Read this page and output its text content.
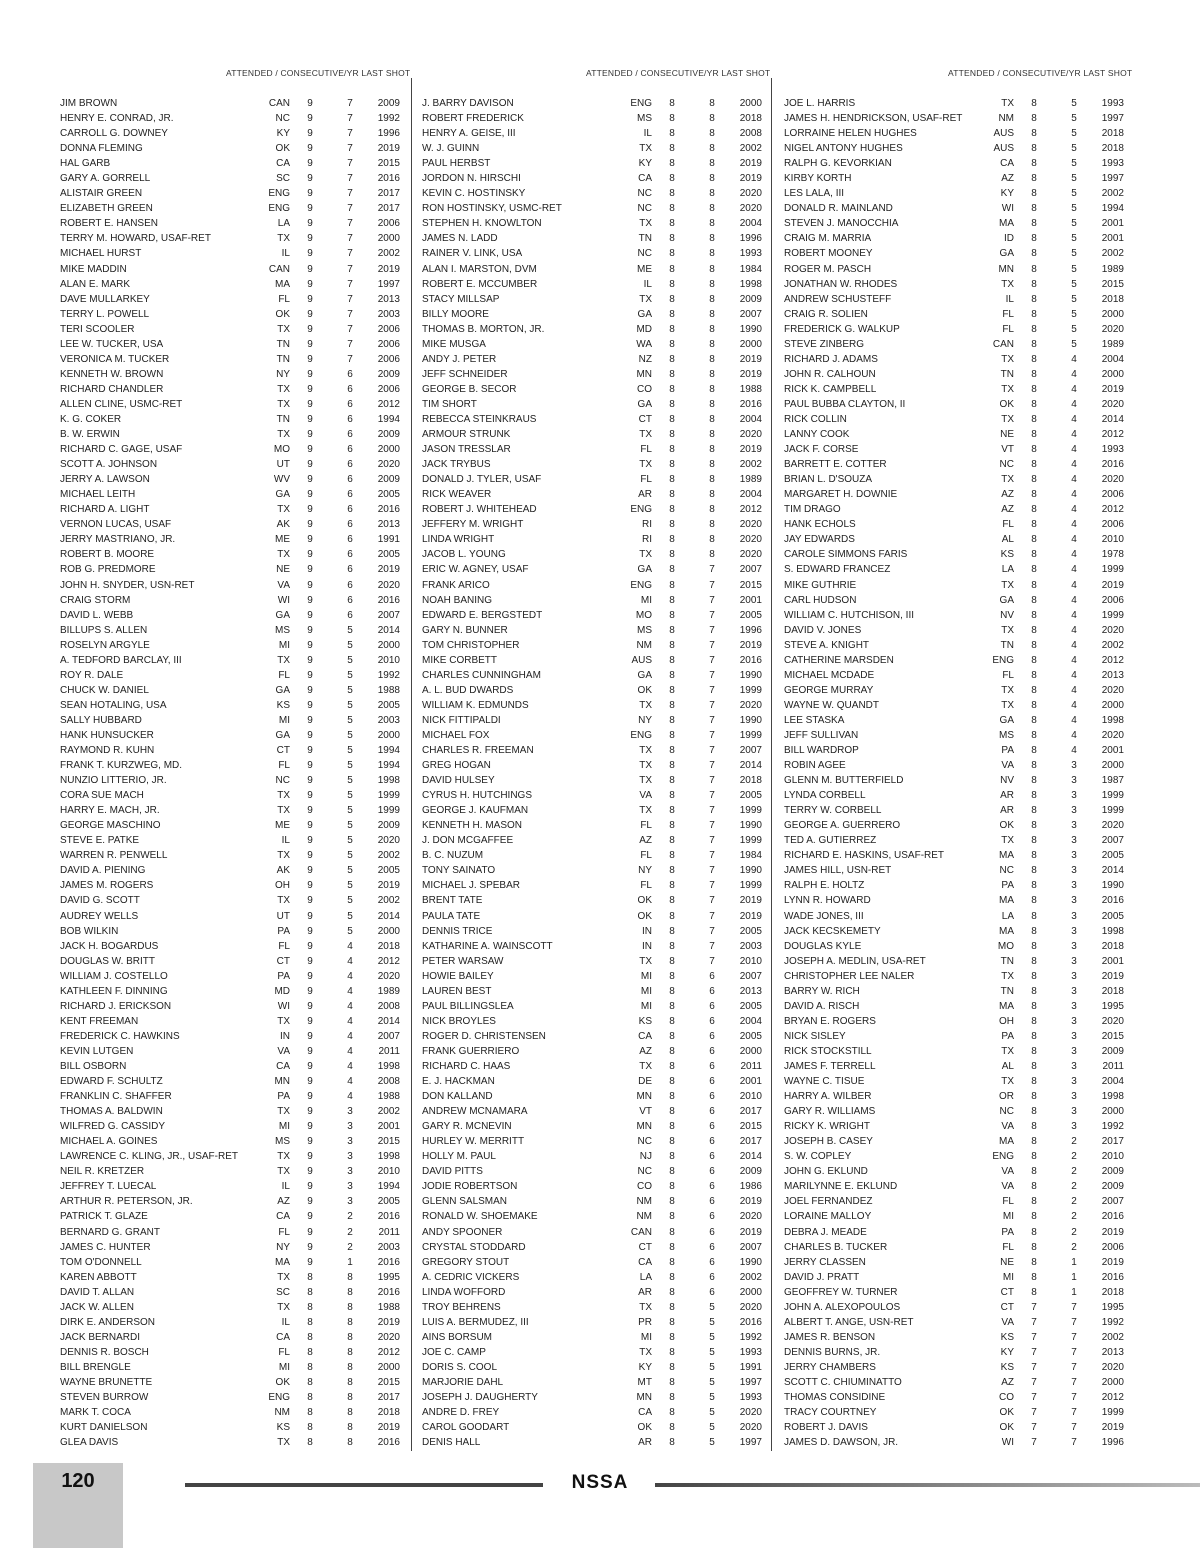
ATTENDED / CONSECUTIVE/YR LAST SHOT
JIM BROWN	CAN	9	7	2009
HENRY E. CONRAD, JR.	NC	9	7	1992
CARROLL G. DOWNEY	KY	9	7	1996
DONNA FLEMING	OK	9	7	2019
HAL GARB	CA	9	7	2015
GARY A. GORRELL	SC	9	7	2016
ALISTAIR GREEN	ENG	9	7	2017
ELIZABETH GREEN	ENG	9	7	2017
ROBERT E. HANSEN	LA	9	7	2006
TERRY M. HOWARD, USAF-RET	TX	9	7	2000
MICHAEL HURST	IL	9	7	2002
MIKE MADDIN	CAN	9	7	2019
ALAN E. MARK	MA	9	7	1997
DAVE MULLARKEY	FL	9	7	2013
TERRY L. POWELL	OK	9	7	2003
TERI SCOOLER	TX	9	7	2006
LEE W. TUCKER, USA	TN	9	7	2006
VERONICA M. TUCKER	TN	9	7	2006
KENNETH W. BROWN	NY	9	6	2009
RICHARD CHANDLER	TX	9	6	2006
ALLEN CLINE, USMC-RET	TX	9	6	2012
K. G. COKER	TN	9	6	1994
B. W. ERWIN	TX	9	6	2009
RICHARD C. GAGE, USAF	MO	9	6	2000
SCOTT A. JOHNSON	UT	9	6	2020
JERRY A. LAWSON	WV	9	6	2009
MICHAEL LEITH	GA	9	6	2005
RICHARD A. LIGHT	TX	9	6	2016
VERNON LUCAS, USAF	AK	9	6	2013
JERRY MASTRIANO, JR.	ME	9	6	1991
ROBERT B. MOORE	TX	9	6	2005
ROB G. PREDMORE	NE	9	6	2019
JOHN H. SNYDER, USN-RET	VA	9	6	2020
CRAIG STORM	WI	9	6	2016
DAVID L. WEBB	GA	9	6	2007
BILLUPS S. ALLEN	MS	9	5	2014
ROSELYN ARGYLE	MI	9	5	2000
A. TEDFORD BARCLAY, III	TX	9	5	2010
ROY R. DALE	FL	9	5	1992
CHUCK W. DANIEL	GA	9	5	1988
SEAN HOTALING, USA	KS	9	5	2005
SALLY HUBBARD	MI	9	5	2003
HANK HUNSUCKER	GA	9	5	2000
RAYMOND R. KUHN	CT	9	5	1994
FRANK T. KURZWEG, MD.	FL	9	5	1994
NUNZIO LITTERIO, JR.	NC	9	5	1998
CORA SUE MACH	TX	9	5	1999
HARRY E. MACH, JR.	TX	9	5	1999
GEORGE MASCHINO	ME	9	5	2009
STEVE E. PATKE	IL	9	5	2020
WARREN R. PENWELL	TX	9	5	2002
DAVID A. PIENING	AK	9	5	2005
JAMES M. ROGERS	OH	9	5	2019
DAVID G. SCOTT	TX	9	5	2002
AUDREY WELLS	UT	9	5	2014
BOB WILKIN	PA	9	5	2000
JACK H. BOGARDUS	FL	9	4	2018
DOUGLAS W. BRITT	CT	9	4	2012
WILLIAM J. COSTELLO	PA	9	4	2020
KATHLEEN F. DINNING	MD	9	4	1989
RICHARD J. ERICKSON	WI	9	4	2008
KENT FREEMAN	TX	9	4	2014
FREDERICK C. HAWKINS	IN	9	4	2007
KEVIN LUTGEN	VA	9	4	2011
BILL OSBORN	CA	9	4	1998
EDWARD F. SCHULTZ	MN	9	4	2008
FRANKLIN C. SHAFFER	PA	9	4	1988
THOMAS A. BALDWIN	TX	9	3	2002
WILFRED G. CASSIDY	MI	9	3	2001
MICHAEL A. GOINES	MS	9	3	2015
LAWRENCE C. KLING, JR., USAF-RET	TX	9	3	1998
NEIL R. KRETZER	TX	9	3	2010
JEFFREY T. LUECAL	IL	9	3	1994
ARTHUR R. PETERSON, JR.	AZ	9	3	2005
PATRICK T. GLAZE	CA	9	2	2016
BERNARD G. GRANT	FL	9	2	2011
JAMES C. HUNTER	NY	9	2	2003
TOM O'DONNELL	MA	9	1	2016
KAREN ABBOTT	TX	8	8	1995
DAVID T. ALLAN	SC	8	8	2016
JACK W. ALLEN	TX	8	8	1988
DIRK E. ANDERSON	IL	8	8	2019
JACK BERNARDI	CA	8	8	2020
DENNIS R. BOSCH	FL	8	8	2012
BILL BRENGLE	MI	8	8	2000
WAYNE BRUNETTE	OK	8	8	2015
STEVEN BURROW	ENG	8	8	2017
MARK T. COCA	NM	8	8	2018
KURT DANIELSON	KS	8	8	2019
GLEA DAVIS	TX	8	8	2016
ATTENDED / CONSECUTIVE/YR LAST SHOT
J. BARRY DAVISON	ENG	8	8	2000
ROBERT FREDERICK	MS	8	8	2018
HENRY A. GEISE, III	IL	8	8	2008
W. J. GUINN	TX	8	8	2002
PAUL HERBST	KY	8	8	2019
JORDON N. HIRSCHI	CA	8	8	2019
KEVIN C. HOSTINSKY	NC	8	8	2020
RON HOSTINSKY, USMC-RET	NC	8	8	2020
STEPHEN H. KNOWLTON	TX	8	8	2004
JAMES N. LADD	TN	8	8	1996
RAINER V. LINK, USA	NC	8	8	1993
ALAN I. MARSTON, DVM	ME	8	8	1984
ROBERT E. MCCUMBER	IL	8	8	1998
STACY MILLSAP	TX	8	8	2009
BILLY MOORE	GA	8	8	2007
THOMAS B. MORTON, JR.	MD	8	8	1990
MIKE MUSGA	WA	8	8	2000
ANDY J. PETER	NZ	8	8	2019
JEFF SCHNEIDER	MN	8	8	2019
GEORGE B. SECOR	CO	8	8	1988
TIM SHORT	GA	8	8	2016
REBECCA STEINKRAUS	CT	8	8	2004
ARMOUR STRUNK	TX	8	8	2020
JASON TRESSLAR	FL	8	8	2019
JACK TRYBUS	TX	8	8	2002
DONALD J. TYLER, USAF	FL	8	8	1989
RICK WEAVER	AR	8	8	2004
ROBERT J. WHITEHEAD	ENG	8	8	2012
JEFFERY M. WRIGHT	RI	8	8	2020
LINDA WRIGHT	RI	8	8	2020
JACOB L. YOUNG	TX	8	8	2020
ERIC W. AGNEY, USAF	GA	8	7	2007
FRANK ARICO	ENG	8	7	2015
NOAH BANING	MI	8	7	2001
EDWARD E. BERGSTEDT	MO	8	7	2005
GARY N. BUNNER	MS	8	7	1996
TOM CHRISTOPHER	NM	8	7	2019
MIKE CORBETT	AUS	8	7	2016
CHARLES CUNNINGHAM	GA	8	7	1990
A. L. BUD DWARDS	OK	8	7	1999
WILLIAM K. EDMUNDS	TX	8	7	2020
NICK FITTIPALDI	NY	8	7	1990
MICHAEL FOX	ENG	8	7	1999
CHARLES R. FREEMAN	TX	8	7	2007
GREG HOGAN	TX	8	7	2014
DAVID HULSEY	TX	8	7	2018
CYRUS H. HUTCHINGS	VA	8	7	2005
GEORGE J. KAUFMAN	TX	8	7	1999
KENNETH H. MASON	FL	8	7	1990
J. DON MCGAFFEE	AZ	8	7	1999
B. C. NUZUM	FL	8	7	1984
TONY SAINATO	NY	8	7	1990
MICHAEL J. SPEBAR	FL	8	7	1999
BRENT TATE	OK	8	7	2019
PAULA TATE	OK	8	7	2019
DENNIS TRICE	IN	8	7	2005
KATHARINE A. WAINSCOTT	IN	8	7	2003
PETER WARSAW	TX	8	7	2010
HOWIE BAILEY	MI	8	6	2007
LAUREN BEST	MI	8	6	2013
PAUL BILLINGSLEA	MI	8	6	2005
NICK BROYLES	KS	8	6	2004
ROGER D. CHRISTENSEN	CA	8	6	2005
FRANK GUERRIERO	AZ	8	6	2000
RICHARD C. HAAS	TX	8	6	2011
E. J. HACKMAN	DE	8	6	2001
DON KALLAND	MN	8	6	2010
ANDREW MCNAMARA	VT	8	6	2017
GARY R. MCNEVIN	MN	8	6	2015
HURLEY W. MERRITT	NC	8	6	2017
HOLLY M. PAUL	NJ	8	6	2014
DAVID PITTS	NC	8	6	2009
JODIE ROBERTSON	CO	8	6	1986
GLENN SALSMAN	NM	8	6	2019
RONALD W. SHOEMAKE	NM	8	6	2020
ANDY SPOONER	CAN	8	6	2019
CRYSTAL STODDARD	CT	8	6	2007
GREGORY STOUT	CA	8	6	1990
A. CEDRIC VICKERS	LA	8	6	2002
LINDA WOFFORD	AR	8	6	2000
TROY BEHRENS	TX	8	5	2020
LUIS A. BERMUDEZ, III	PR	8	5	2016
AINS BORSUM	MI	8	5	1992
JOE C. CAMP	TX	8	5	1993
DORIS S. COOL	KY	8	5	1991
MARJORIE DAHL	MT	8	5	1997
JOSEPH J. DAUGHERTY	MN	8	5	1993
ANDRE D. FREY	CA	8	5	2020
CAROL GOODART	OK	8	5	2020
DENIS HALL	AR	8	5	1997
ATTENDED / CONSECUTIVE/YR LAST SHOT
JOE L. HARRIS	TX	8	5	1993
JAMES H. HENDRICKSON, USAF-RET	NM	8	5	1997
LORRAINE HELEN HUGHES	AUS	8	5	2018
NIGEL ANTONY HUGHES	AUS	8	5	2018
RALPH G. KEVORKIAN	CA	8	5	1993
KIRBY KORTH	AZ	8	5	1997
LES LALA, III	KY	8	5	2002
DONALD R. MAINLAND	WI	8	5	1994
STEVEN J. MANOCCHIA	MA	8	5	2001
CRAIG M. MARRIA	ID	8	5	2001
ROBERT MOONEY	GA	8	5	2002
ROGER M. PASCH	MN	8	5	1989
JONATHAN W. RHODES	TX	8	5	2015
ANDREW SCHUSTEFF	IL	8	5	2018
CRAIG R. SOLIEN	FL	8	5	2000
FREDERICK G. WALKUP	FL	8	5	2020
STEVE ZINBERG	CAN	8	5	1989
RICHARD J. ADAMS	TX	8	4	2004
JOHN R. CALHOUN	TN	8	4	2000
RICK K. CAMPBELL	TX	8	4	2019
PAUL BUBBA CLAYTON, II	OK	8	4	2020
RICK COLLIN	TX	8	4	2014
LANNY COOK	NE	8	4	2012
JACK F. CORSE	VT	8	4	1993
BARRETT E. COTTER	NC	8	4	2016
BRIAN L. D'SOUZA	TX	8	4	2020
MARGARET H. DOWNIE	AZ	8	4	2006
TIM DRAGO	AZ	8	4	2012
HANK ECHOLS	FL	8	4	2006
JAY EDWARDS	AL	8	4	2010
CAROLE SIMMONS FARIS	KS	8	4	1978
S. EDWARD FRANCEZ	LA	8	4	1999
MIKE GUTHRIE	TX	8	4	2019
CARL HUDSON	GA	8	4	2006
WILLIAM C. HUTCHISON, III	NV	8	4	1999
DAVID V. JONES	TX	8	4	2020
STEVE A. KNIGHT	TN	8	4	2002
CATHERINE MARSDEN	ENG	8	4	2012
MICHAEL MCDADE	FL	8	4	2013
GEORGE MURRAY	TX	8	4	2020
WAYNE W. QUANDT	TX	8	4	2000
LEE STASKA	GA	8	4	1998
JEFF SULLIVAN	MS	8	4	2020
BILL WARDROP	PA	8	4	2001
ROBIN AGEE	VA	8	3	2000
GLENN M. BUTTERFIELD	NV	8	3	1987
LYNDA CORBELL	AR	8	3	1999
TERRY W. CORBELL	AR	8	3	1999
GEORGE A. GUERRERO	OK	8	3	2020
TED A. GUTIERREZ	TX	8	3	2007
RICHARD E. HASKINS, USAF-RET	MA	8	3	2005
JAMES HILL, USN-RET	NC	8	3	2014
RALPH E. HOLTZ	PA	8	3	1990
LYNN R. HOWARD	MA	8	3	2016
WADE JONES, III	LA	8	3	2005
JACK KECSKEMETY	MA	8	3	1998
DOUGLAS KYLE	MO	8	3	2018
JOSEPH A. MEDLIN, USA-RET	TN	8	3	2001
CHRISTOPHER LEE NALER	TX	8	3	2019
BARRY W. RICH	TN	8	3	2018
DAVID A. RISCH	MA	8	3	1995
BRYAN E. ROGERS	OH	8	3	2020
NICK SISLEY	PA	8	3	2015
RICK STOCKSTILL	TX	8	3	2009
JAMES F. TERRELL	AL	8	3	2011
WAYNE C. TISUE	TX	8	3	2004
HARRY A. WILBER	OR	8	3	1998
GARY R. WILLIAMS	NC	8	3	2000
RICKY K. WRIGHT	VA	8	3	1992
JOSEPH B. CASEY	MA	8	2	2017
S. W. COPLEY	ENG	8	2	2010
JOHN G. EKLUND	VA	8	2	2009
MARILYNNE E. EKLUND	VA	8	2	2009
JOEL FERNANDEZ	FL	8	2	2007
LORAINE MALLOY	MI	8	2	2016
DEBRA J. MEADE	PA	8	2	2019
CHARLES B. TUCKER	FL	8	2	2006
JERRY CLASSEN	NE	8	1	2019
DAVID J. PRATT	MI	8	1	2016
GEOFFREY W. TURNER	CT	8	1	2018
JOHN A. ALEXOPOULOS	CT	7	7	1995
ALBERT T. ANGE, USN-RET	VA	7	7	1992
JAMES R. BENSON	KS	7	7	2002
DENNIS BURNS, JR.	KY	7	7	2013
JERRY CHAMBERS	KS	7	7	2020
SCOTT C. CHIUMINATTO	AZ	7	7	2000
THOMAS CONSIDINE	CO	7	7	2012
TRACY COURTNEY	OK	7	7	1999
ROBERT J. DAVIS	OK	7	7	2019
JAMES D. DAWSON, JR.	WI	7	7	1996
120	NSSA
